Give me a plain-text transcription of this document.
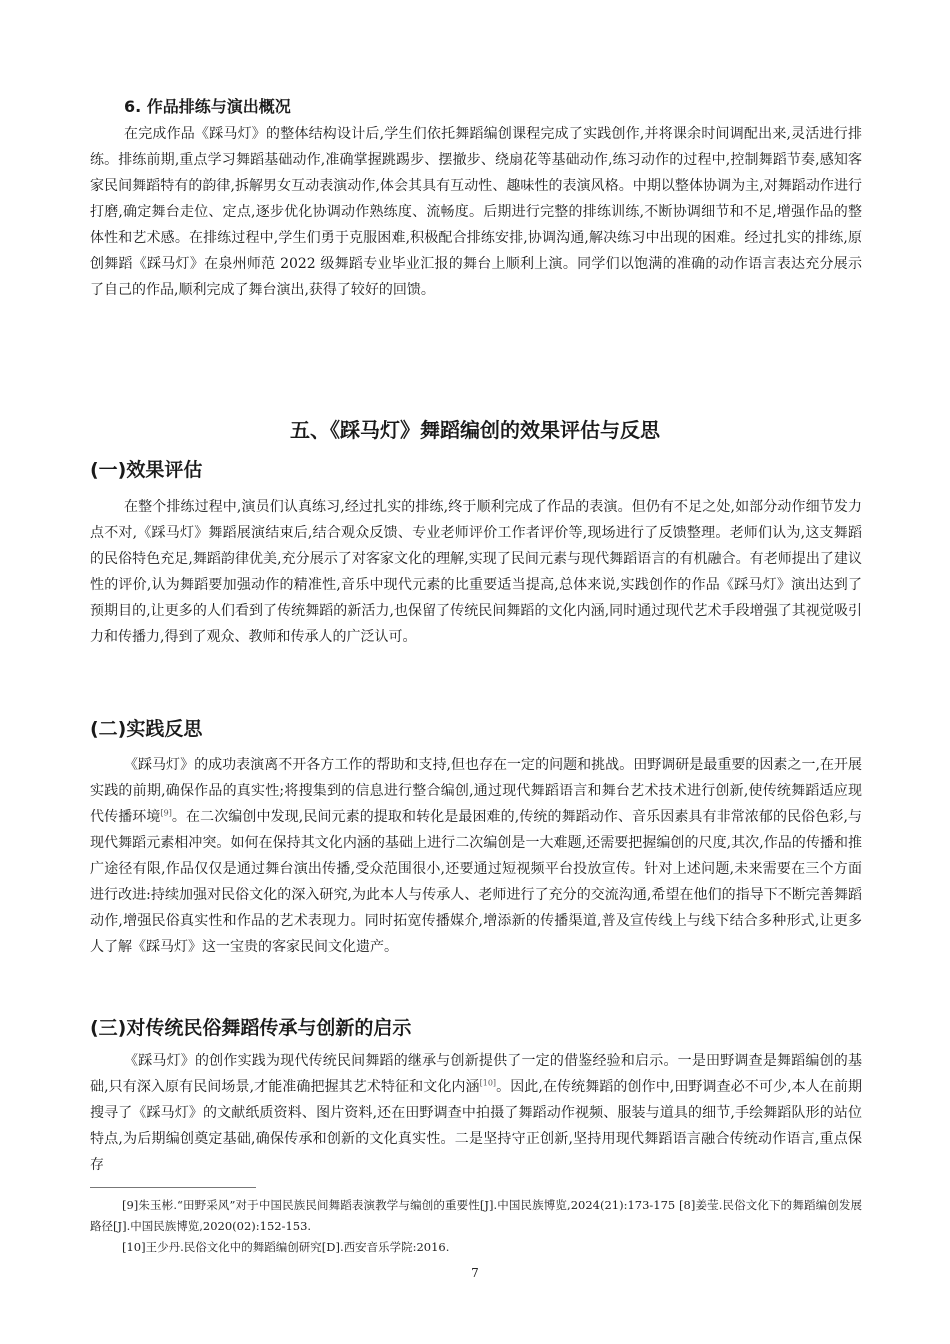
6. 作品排练与演出概况

在完成作品《踩马灯》的整体结构设计后,学生们依托舞蹈编创课程完成了实践创作,并将课余时间调配出来,灵活进行排练。排练前期,重点学习舞蹈基础动作,准确掌握跳踢步、摆撤步、绕扇花等基础动作,练习动作的过程中,控制舞蹈节奏,感知客家民间舞蹈特有的韵律,拆解男女互动表演动作,体会其具有互动性、趣味性的表演风格。中期以整体协调为主,对舞蹈动作进行打磨,确定舞台走位、定点,逐步优化协调动作熟练度、流畅度。后期进行完整的排练训练,不断协调细节和不足,增强作品的整体性和艺术感。在排练过程中,学生们勇于克服困难,积极配合排练安排,协调沟通,解决练习中出现的困难。经过扎实的排练,原创舞蹈《踩马灯》在泉州师范 2022 级舞蹈专业毕业汇报的舞台上顺利上演。同学们以饱满的准确的动作语言表达充分展示了自己的作品,顺利完成了舞台演出,获得了较好的回馈。

五、《踩马灯》舞蹈编创的效果评估与反思
(一)效果评估

在整个排练过程中,演员们认真练习,经过扎实的排练,终于顺利完成了作品的表演。但仍有不足之处,如部分动作细节发力点不对,《踩马灯》舞蹈展演结束后,结合观众反馈、专业老师评价工作者评价等,现场进行了反馈整理。老师们认为,这支舞蹈的民俗特色充足,舞蹈韵律优美,充分展示了对客家文化的理解,实现了民间元素与现代舞蹈语言的有机融合。有老师提出了建议性的评价,认为舞蹈要加强动作的精准性,音乐中现代元素的比重要适当提高,总体来说,实践创作的作品《踩马灯》演出达到了预期目的,让更多的人们看到了传统舞蹈的新活力,也保留了传统民间舞蹈的文化内涵,同时通过现代艺术手段增强了其视觉吸引力和传播力,得到了观众、教师和传承人的广泛认可。

(二)实践反思

《踩马灯》的成功表演离不开各方工作的帮助和支持,但也存在一定的问题和挑战。田野调研是最重要的因素之一,在开展实践的前期,确保作品的真实性;将搜集到的信息进行整合编创,通过现代舞蹈语言和舞台艺术技术进行创新,使传统舞蹈适应现代传播环境[9]。在二次编创中发现,民间元素的提取和转化是最困难的,传统的舞蹈动作、音乐因素具有非常浓郁的民俗色彩,与现代舞蹈元素相冲突。如何在保持其文化内涵的基础上进行二次编创是一大难题,还需要把握编创的尺度,其次,作品的传播和推广途径有限,作品仅仅是通过舞台演出传播,受众范围很小,还要通过短视频平台投放宣传。针对上述问题,未来需要在三个方面进行改进:持续加强对民俗文化的深入研究,为此本人与传承人、老师进行了充分的交流沟通,希望在他们的指导下不断完善舞蹈动作,增强民俗真实性和作品的艺术表现力。同时拓宽传播媒介,增添新的传播渠道,普及宣传线上与线下结合多种形式,让更多人了解《踩马灯》这一宝贵的客家民间文化遗产。

(三)对传统民俗舞蹈传承与创新的启示

《踩马灯》的创作实践为现代传统民间舞蹈的继承与创新提供了一定的借鉴经验和启示。一是田野调查是舞蹈编创的基础,只有深入原有民间场景,才能准确把握其艺术特征和文化内涵[10]。因此,在传统舞蹈的创作中,田野调查必不可少,本人在前期搜寻了《踩马灯》的文献纸质资料、图片资料,还在田野调查中拍摄了舞蹈动作视频、服装与道具的细节,手绘舞蹈队形的站位特点,为后期编创奠定基础,确保传承和创新的文化真实性。二是坚持守正创新,坚持用现代舞蹈语言融合传统动作语言,重点保存

[9]朱玉彬.“田野采风”对于中国民族民间舞蹈表演教学与编创的重要性[J].中国民族博览,2024(21):173-175 [8]姜莹.民俗文化下的舞蹈编创发展路径[J].中国民族博览,2020(02):152-153.

[10]王少丹.民俗文化中的舞蹈编创研究[D].西安音乐学院:2016.

7
